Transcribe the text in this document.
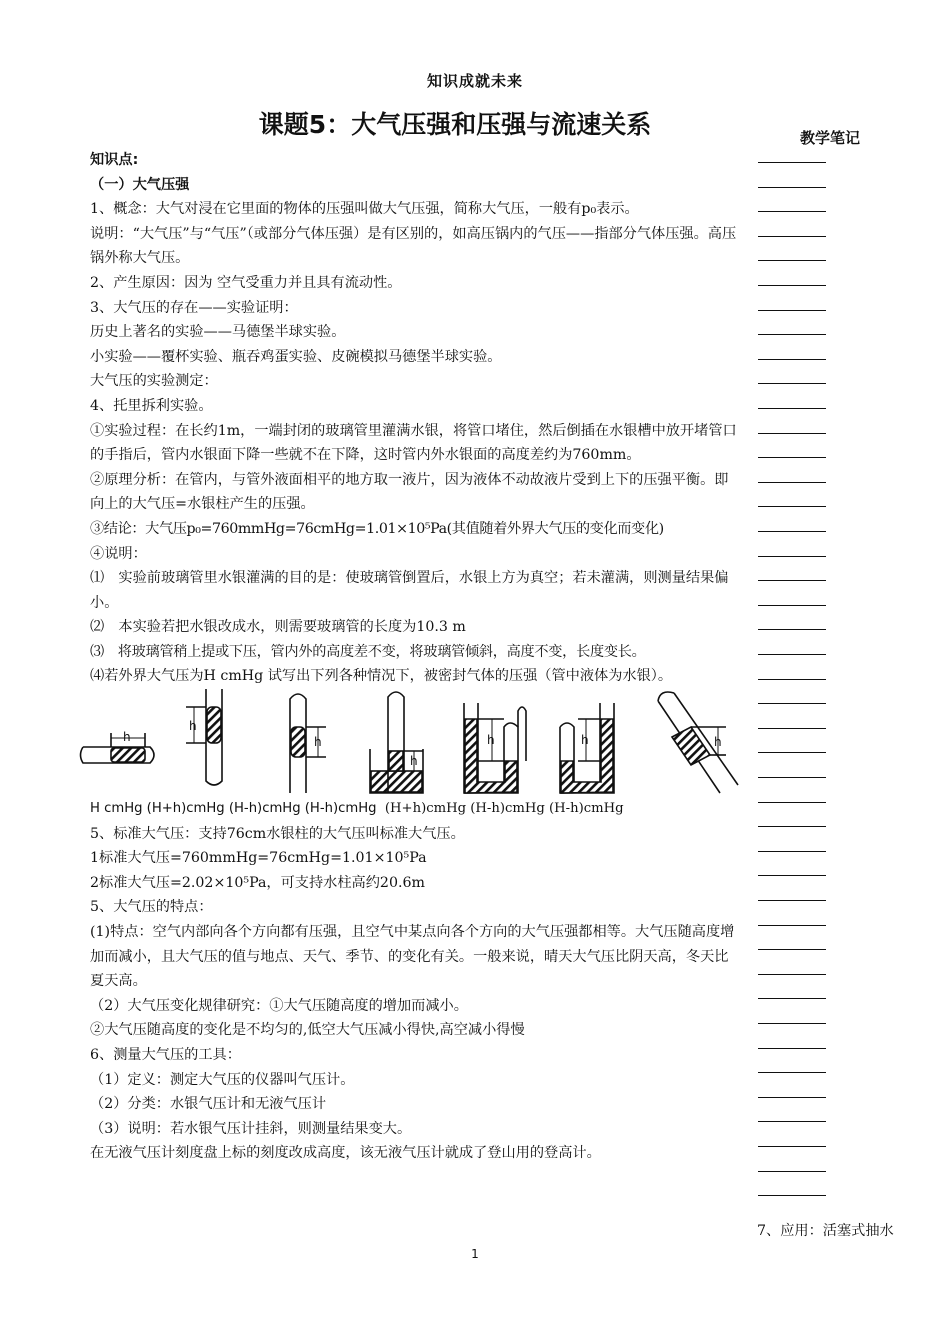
知识成就未来
课题5：大气压强和压强与流速关系	教学笔记

知识点:

（一）大气压强

1、概念：大气对浸在它里面的物体的压强叫做大气压强，简称大气压，一般有p₀表示。

说明：“大气压”与“气压”（或部分气体压强）是有区别的，如高压锅内的气压——指部分气体压强。高压锅外称大气压。

2、产生原因：因为 空气受重力并且具有流动性。

3、大气压的存在——实验证明：

历史上著名的实验——马德堡半球实验。

小实验——覆杯实验、瓶吞鸡蛋实验、皮碗模拟马德堡半球实验。

大气压的实验测定：

4、托里拆利实验。

①实验过程：在长约1m，一端封闭的玻璃管里灌满水银，将管口堵住，然后倒插在水银槽中放开堵管口的手指后，管内水银面下降一些就不在下降，这时管内外水银面的高度差约为760mm。

②原理分析：在管内，与管外液面相平的地方取一液片，因为液体不动故液片受到上下的压强平衡。即向上的大气压=水银柱产生的压强。

③结论：大气压p₀=760mmHg=76cmHg=1.01×10⁵Pa(其值随着外界大气压的变化而变化)

④说明：

⑴　实验前玻璃管里水银灌满的目的是：使玻璃管倒置后，水银上方为真空；若未灌满，则测量结果偏小。

⑵　本实验若把水银改成水，则需要玻璃管的长度为10.3 m

⑶　将玻璃管稍上提或下压，管内外的高度差不变，将玻璃管倾斜，高度不变，长度变长。

⑷若外界大气压为H cmHg 试写出下列各种情况下，被密封气体的压强（管中液体为水银）。

h
h
h
h
h	h	h

H cmHg (H+h)cmHg (H-h)cmHg (H-h)cmHg (H+h)cmHg (H-h)cmHg (H-h)cmHg

5、标准大气压：支持76cm水银柱的大气压叫标准大气压。

1标准大气压=760mmHg=76cmHg=1.01×10⁵Pa

2标准大气压=2.02×10⁵Pa，可支持水柱高约20.6m

5、大气压的特点：

(1)特点：空气内部向各个方向都有压强，且空气中某点向各个方向的大气压强都相等。大气压随高度增加而减小，且大气压的值与地点、天气、季节、的变化有关。一般来说，晴天大气压比阴天高，冬天比夏天高。

（2）大气压变化规律研究：①大气压随高度的增加而减小。

②大气压随高度的变化是不均匀的,低空大气压减小得快,高空减小得慢

6、测量大气压的工具：

（1）定义：测定大气压的仪器叫气压计。

（2）分类：水银气压计和无液气压计

（3）说明：若水银气压计挂斜，则测量结果变大。

在无液气压计刻度盘上标的刻度改成高度，该无液气压计就成了登山用的登高计。

7、应用：活塞式抽水
1
